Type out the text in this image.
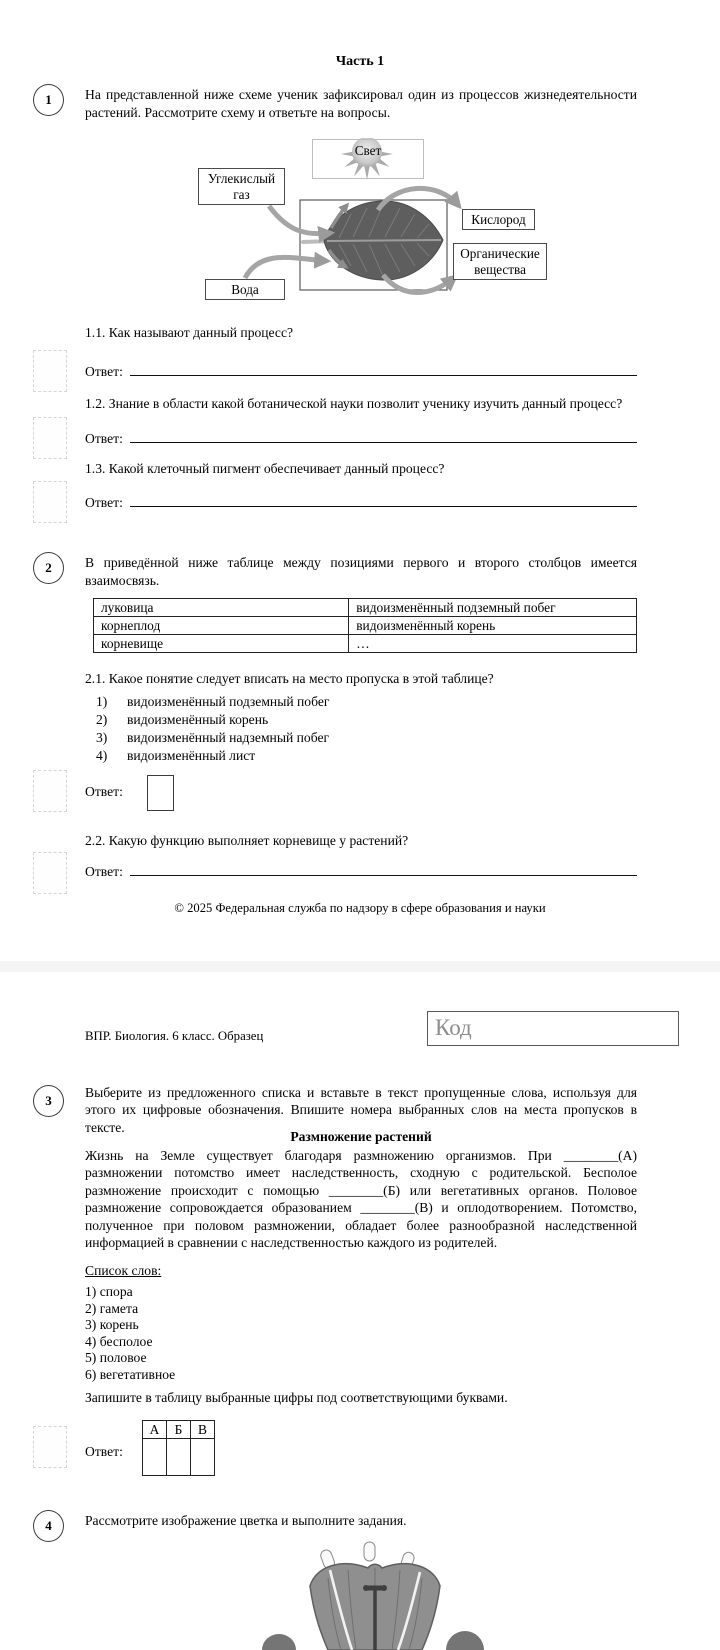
Часть 1
1 На представленной ниже схеме ученик зафиксировал один из процессов жизнедеятельности растений. Рассмотрите схему и ответьте на вопросы.
Свет
Углекислый газ
Кислород
Органические вещества
Вода
1.1. Как называют данный процесс?
Ответ:
1.2. Знание в области какой ботанической науки позволит ученику изучить данный процесс?
Ответ:
1.3. Какой клеточный пигмент обеспечивает данный процесс?
Ответ:
2 В приведённой ниже таблице между позициями первого и второго столбцов имеется взаимосвязь.
луковица	видоизменённый подземный побег
корнеплод	видоизменённый корень
корневище	…
2.1. Какое понятие следует вписать на место пропуска в этой таблице?
1)	видоизменённый подземный побег
2)	видоизменённый корень
3)	видоизменённый надземный побег
4)	видоизменённый лист
Ответ:
2.2. Какую функцию выполняет корневище у растений?
Ответ:
© 2025 Федеральная служба по надзору в сфере образования и науки
ВПР. Биология. 6 класс. Образец	Код
3
Выберите из предложенного списка и вставьте в текст пропущенные слова, используя для этого их цифровые обозначения. Впишите номера выбранных слов на места пропусков в тексте.
Размножение растений
Жизнь на Земле существует благодаря размножению организмов. При ________(А) размножении потомство имеет наследственность, сходную с родительской. Бесполое размножение происходит с помощью ________(Б) или вегетативных органов. Половое размножение сопровождается образованием ________(В) и оплодотворением. Потомство, полученное при половом размножении, обладает более разнообразной наследственной информацией в сравнении с наследственностью каждого из родителей.
Список слов:
1) спора
2) гамета
3) корень
4) бесполое
5) половое
6) вегетативное
Запишите в таблицу выбранные цифры под соответствующими буквами.
Ответ:
А	Б	В

4 Рассмотрите изображение цветка и выполните задания.
